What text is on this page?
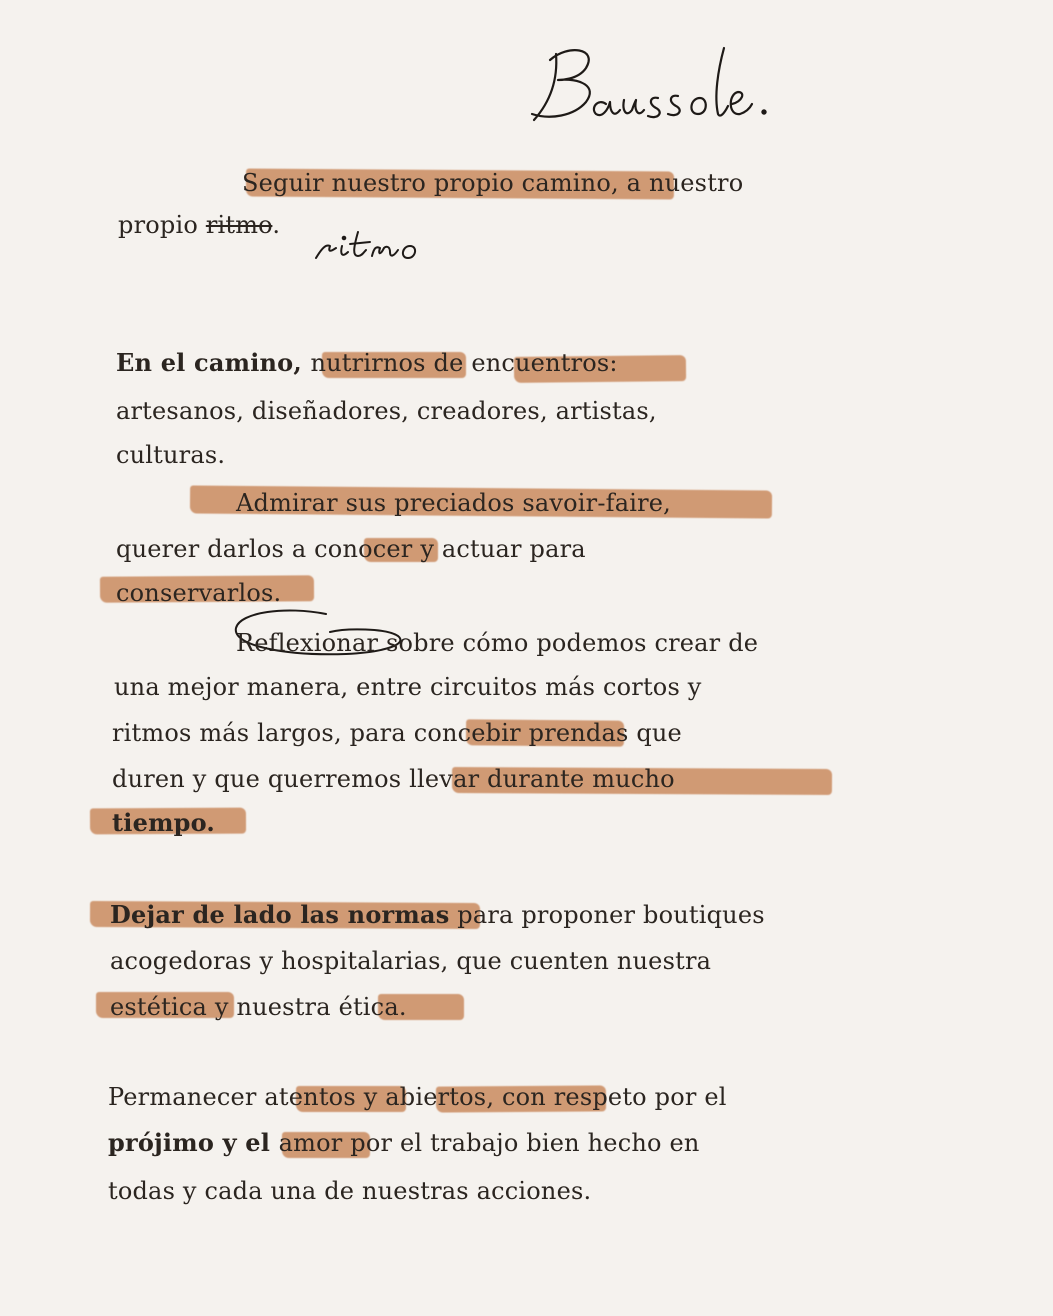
Seguir nuestro propio camino, a nuestro
propio ritmo.
En el camino, nutrirnos de encuentros:
artesanos, diseñadores, creadores, artistas,
culturas.
Admirar sus preciados savoir-faire,
querer darlos a conocer y actuar para
conservarlos.
Reflexionar sobre cómo podemos crear de
una mejor manera, entre circuitos más cortos y
ritmos más largos, para concebir prendas que
duren y que querremos llevar durante mucho
tiempo.
Dejar de lado las normas para proponer boutiques
acogedoras y hospitalarias, que cuenten nuestra
estética y nuestra ética.
Permanecer atentos y abiertos, con respeto por el
prójimo y el amor por el trabajo bien hecho en
todas y cada una de nuestras acciones.
